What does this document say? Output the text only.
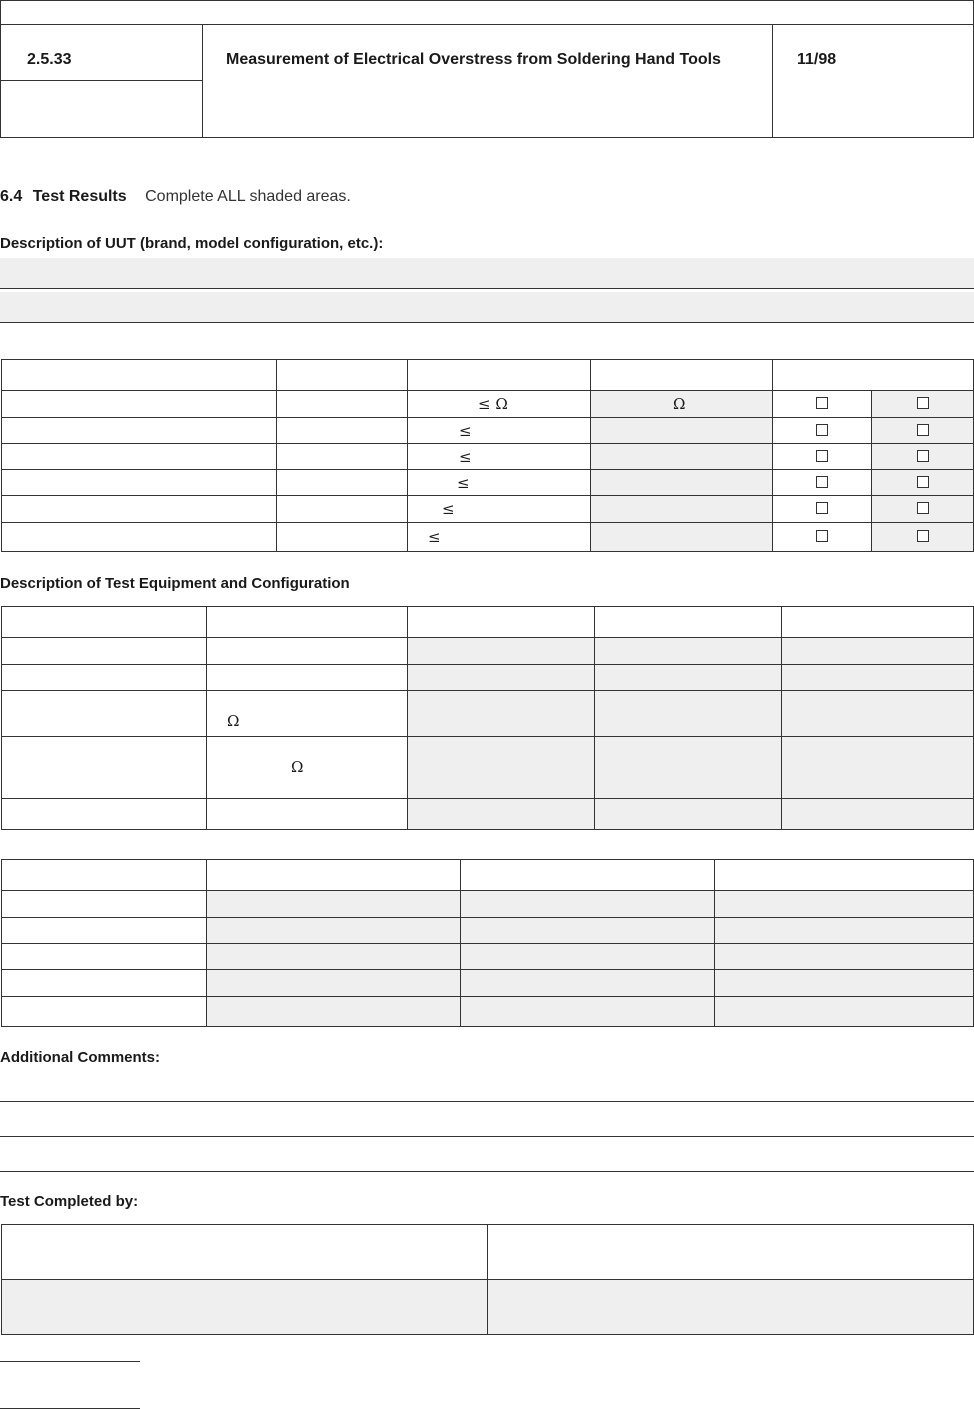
2.5.33	Measurement of Electrical Overstress from Soldering Hand Tools	11/98
6.4 Test Results Complete ALL shaded areas.
Description of UUT (brand, model configuration, etc.):

		≤ Ω	Ω		

		≤			

		≤			

		≤			

		≤			

		≤			

Description of Test Equipment and Configuration

	Ω			

	Ω			

Additional Comments:
Test Completed by:
